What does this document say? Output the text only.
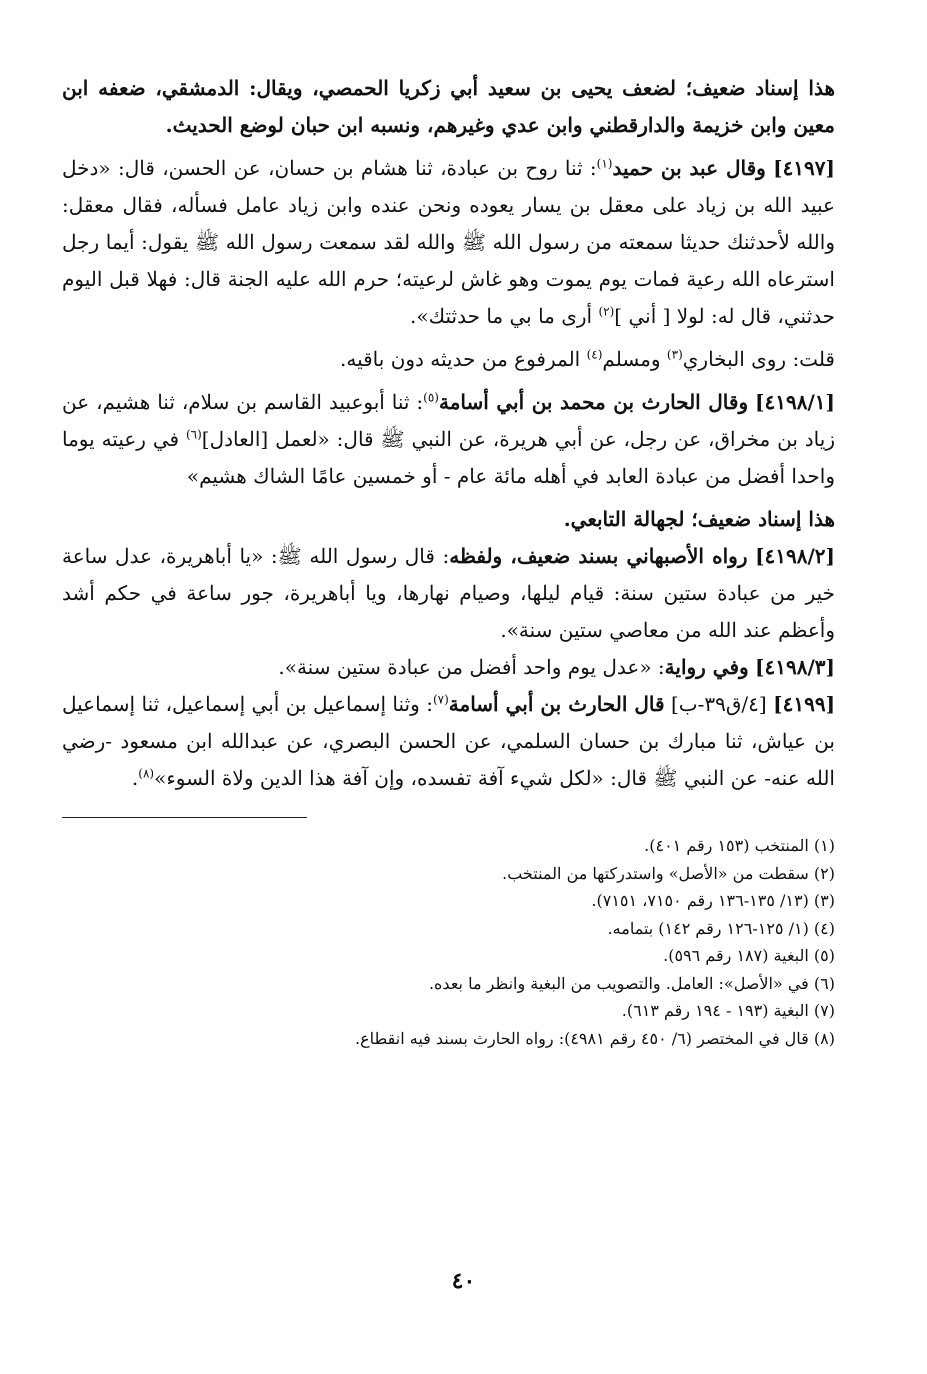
هذا إسناد ضعيف؛ لضعف يحيى بن سعيد أبي زكريا الحمصي، ويقال: الدمشقي، ضعفه ابن معين وابن خزيمة والدارقطني وابن عدي وغيرهم، ونسبه ابن حبان لوضع الحديث.

[٤١٩٧] وقال عبد بن حميد$^{(١)}$: ثنا روح بن عبادة، ثنا هشام بن حسان، عن الحسن، قال: «دخل عبيد الله بن زياد على معقل بن يسار يعوده ونحن عنده وابن زياد عامل فسأله، فقال معقل: والله لأحدثنك حديثا سمعته من رسول الله ﷺ والله لقد سمعت رسول الله ﷺ يقول: أيما رجل استرعاه الله رعية فمات يوم يموت وهو غاش لرعيته؛ حرم الله عليه الجنة قال: فهلا قبل اليوم حدثني، قال له: لولا [ أني ]$^{(٢)}$ أرى ما بي ما حدثتك».

قلت: روى البخاري$^{(٣)}$ ومسلم$^{(٤)}$ المرفوع من حديثه دون باقيه.

[٤١٩٨/١] وقال الحارث بن محمد بن أبي أسامة$^{(٥)}$: ثنا أبوعبيد القاسم بن سلام، ثنا هشيم، عن زياد بن مخراق، عن رجل، عن أبي هريرة، عن النبي ﷺ قال: «لعمل [العادل]$^{(٦)}$ في رعيته يوما واحدا أفضل من عبادة العابد في أهله مائة عام - أو خمسين عامًا الشاك هشيم»

هذا إسناد ضعيف؛ لجهالة التابعي.

[٤١٩٨/٢] رواه الأصبهاني بسند ضعيف، ولفظه: قال رسول الله ﷺ: «يا أباهريرة، عدل ساعة خير من عبادة ستين سنة: قيام ليلها، وصيام نهارها، ويا أباهريرة، جور ساعة في حكم أشد وأعظم عند الله من معاصي ستين سنة».

[٤١٩٨/٣] وفي رواية: «عدل يوم واحد أفضل من عبادة ستين سنة».

[٤١٩٩] [٤/ق٣٩-ب] قال الحارث بن أبي أسامة$^{(٧)}$: وثنا إسماعيل بن أبي إسماعيل، ثنا إسماعيل بن عياش، ثنا مبارك بن حسان السلمي، عن الحسن البصري، عن عبدالله ابن مسعود -رضي الله عنه- عن النبي ﷺ قال: «لكل شيء آفة تفسده، وإن آفة هذا الدين ولاة السوء»$^{(٨)}$.

(١) المنتخب (١٥٣ رقم ٤٠١).

(٢) سقطت من «الأصل» واستدركتها من المنتخب.

(٣) (١٣/ ١٣٥-١٣٦ رقم ٧١٥٠، ٧١٥١).

(٤) (١/ ١٢٥-١٢٦ رقم ١٤٢) بتمامه.

(٥) البغية (١٨٧ رقم ٥٩٦).

(٦) في «الأصل»: العامل. والتصويب من البغية وانظر ما بعده.

(٧) البغية (١٩٣ - ١٩٤ رقم ٦١٣).

(٨) قال في المختصر (٦/ ٤٥٠ رقم ٤٩٨١): رواه الحارث بسند فيه انقطاع.

٤٠
